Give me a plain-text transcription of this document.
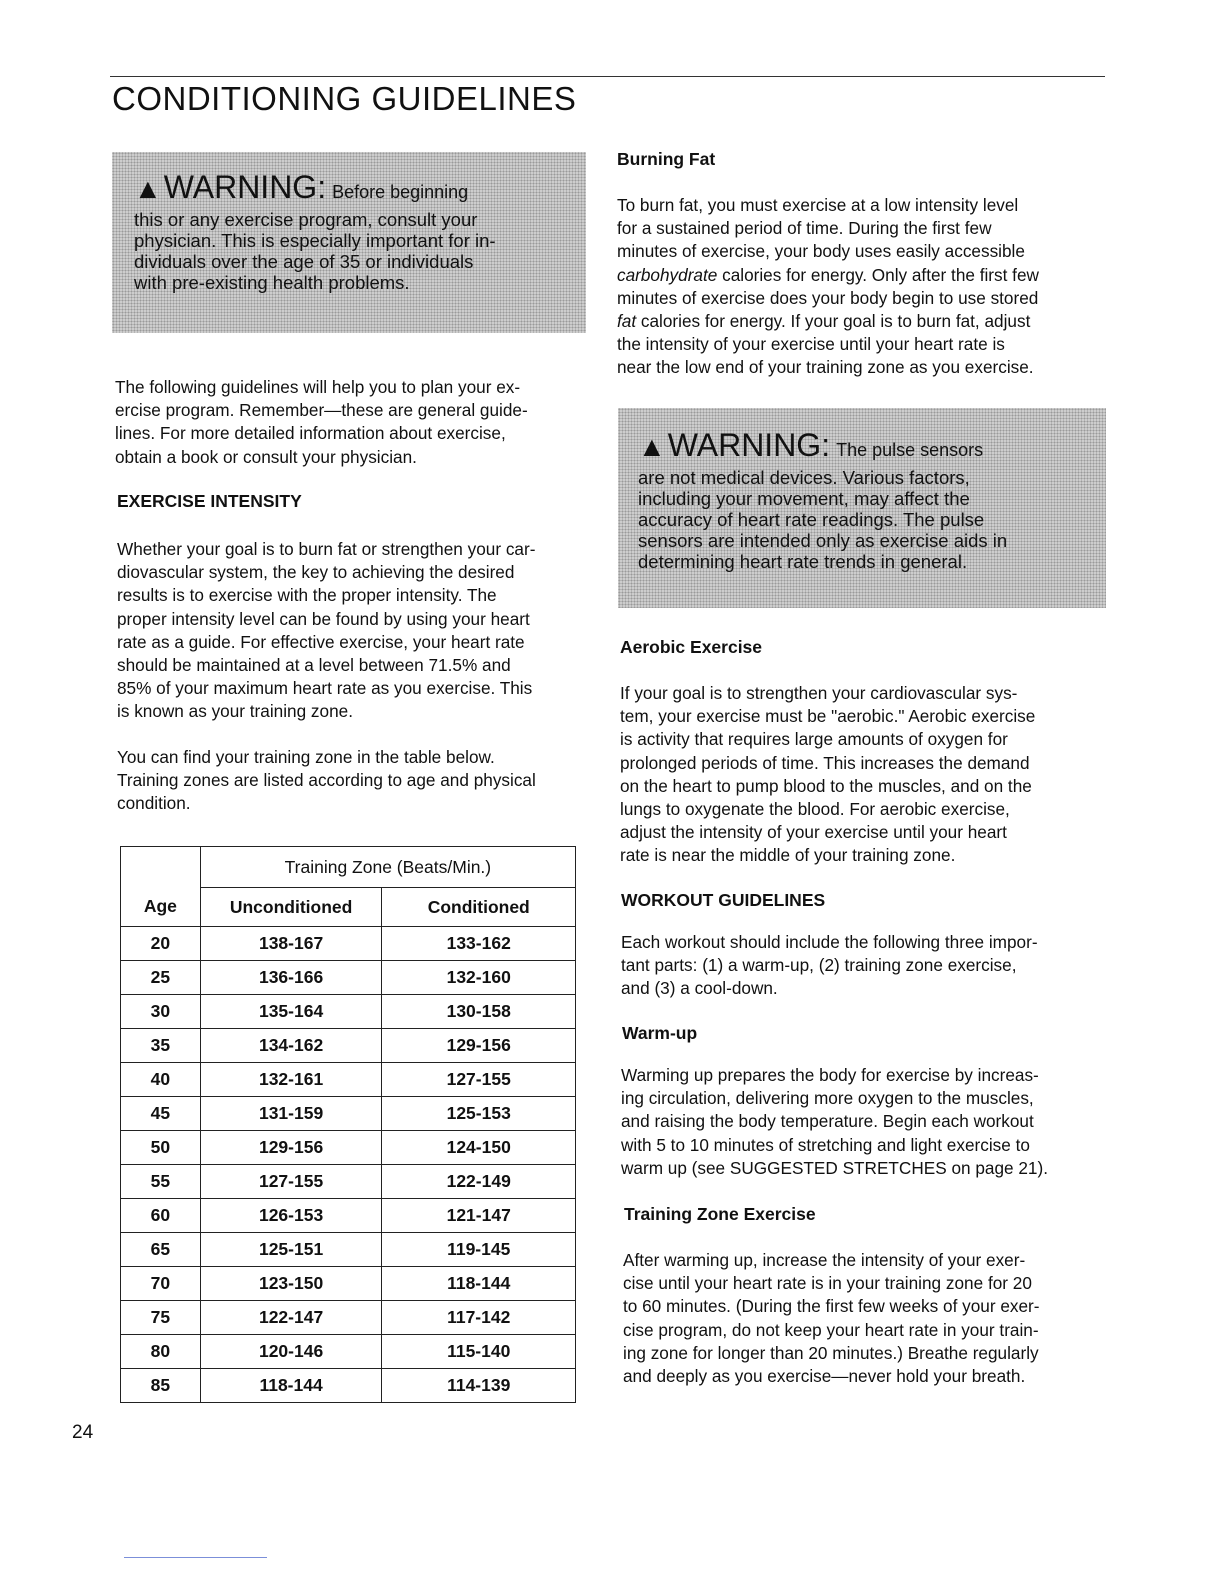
CONDITIONING GUIDELINES
▲WARNING: Before beginning
this or any exercise program, consult your
physician. This is especially important for in-
dividuals over the age of 35 or individuals
with pre-existing health problems.
The following guidelines will help you to plan your ex-
ercise program. Remember—these are general guide-
lines. For more detailed information about exercise,
obtain a book or consult your physician.
EXERCISE INTENSITY
Whether your goal is to burn fat or strengthen your car-
diovascular system, the key to achieving the desired
results is to exercise with the proper intensity. The
proper intensity level can be found by using your heart
rate as a guide. For effective exercise, your heart rate
should be maintained at a level between 71.5% and
85% of your maximum heart rate as you exercise. This
is known as your training zone.
You can find your training zone in the table below.
Training zones are listed according to age and physical
condition.
	Training Zone (Beats/Min.)	
Age	Unconditioned	Conditioned
20	138-167	133-162
25	136-166	132-160
30	135-164	130-158
35	134-162	129-156
40	132-161	127-155
45	131-159	125-153
50	129-156	124-150
55	127-155	122-149
60	126-153	121-147
65	125-151	119-145
70	123-150	118-144
75	122-147	117-142
80	120-146	115-140
85	118-144	114-139
Burning Fat
To burn fat, you must exercise at a low intensity level
for a sustained period of time. During the first few
minutes of exercise, your body uses easily accessible
carbohydrate calories for energy. Only after the first few
minutes of exercise does your body begin to use stored
fat calories for energy. If your goal is to burn fat, adjust
the intensity of your exercise until your heart rate is
near the low end of your training zone as you exercise.
▲WARNING: The pulse sensors
are not medical devices. Various factors,
including your movement, may affect the
accuracy of heart rate readings. The pulse
sensors are intended only as exercise aids in
determining heart rate trends in general.
Aerobic Exercise
If your goal is to strengthen your cardiovascular sys-
tem, your exercise must be "aerobic." Aerobic exercise
is activity that requires large amounts of oxygen for
prolonged periods of time. This increases the demand
on the heart to pump blood to the muscles, and on the
lungs to oxygenate the blood. For aerobic exercise,
adjust the intensity of your exercise until your heart
rate is near the middle of your training zone.
WORKOUT GUIDELINES
Each workout should include the following three impor-
tant parts: (1) a warm-up, (2) training zone exercise,
and (3) a cool-down.
Warm-up
Warming up prepares the body for exercise by increas-
ing circulation, delivering more oxygen to the muscles,
and raising the body temperature. Begin each workout
with 5 to 10 minutes of stretching and light exercise to
warm up (see SUGGESTED STRETCHES on page 21).
Training Zone Exercise
After warming up, increase the intensity of your exer-
cise until your heart rate is in your training zone for 20
to 60 minutes. (During the first few weeks of your exer-
cise program, do not keep your heart rate in your train-
ing zone for longer than 20 minutes.) Breathe regularly
and deeply as you exercise—never hold your breath.
24
